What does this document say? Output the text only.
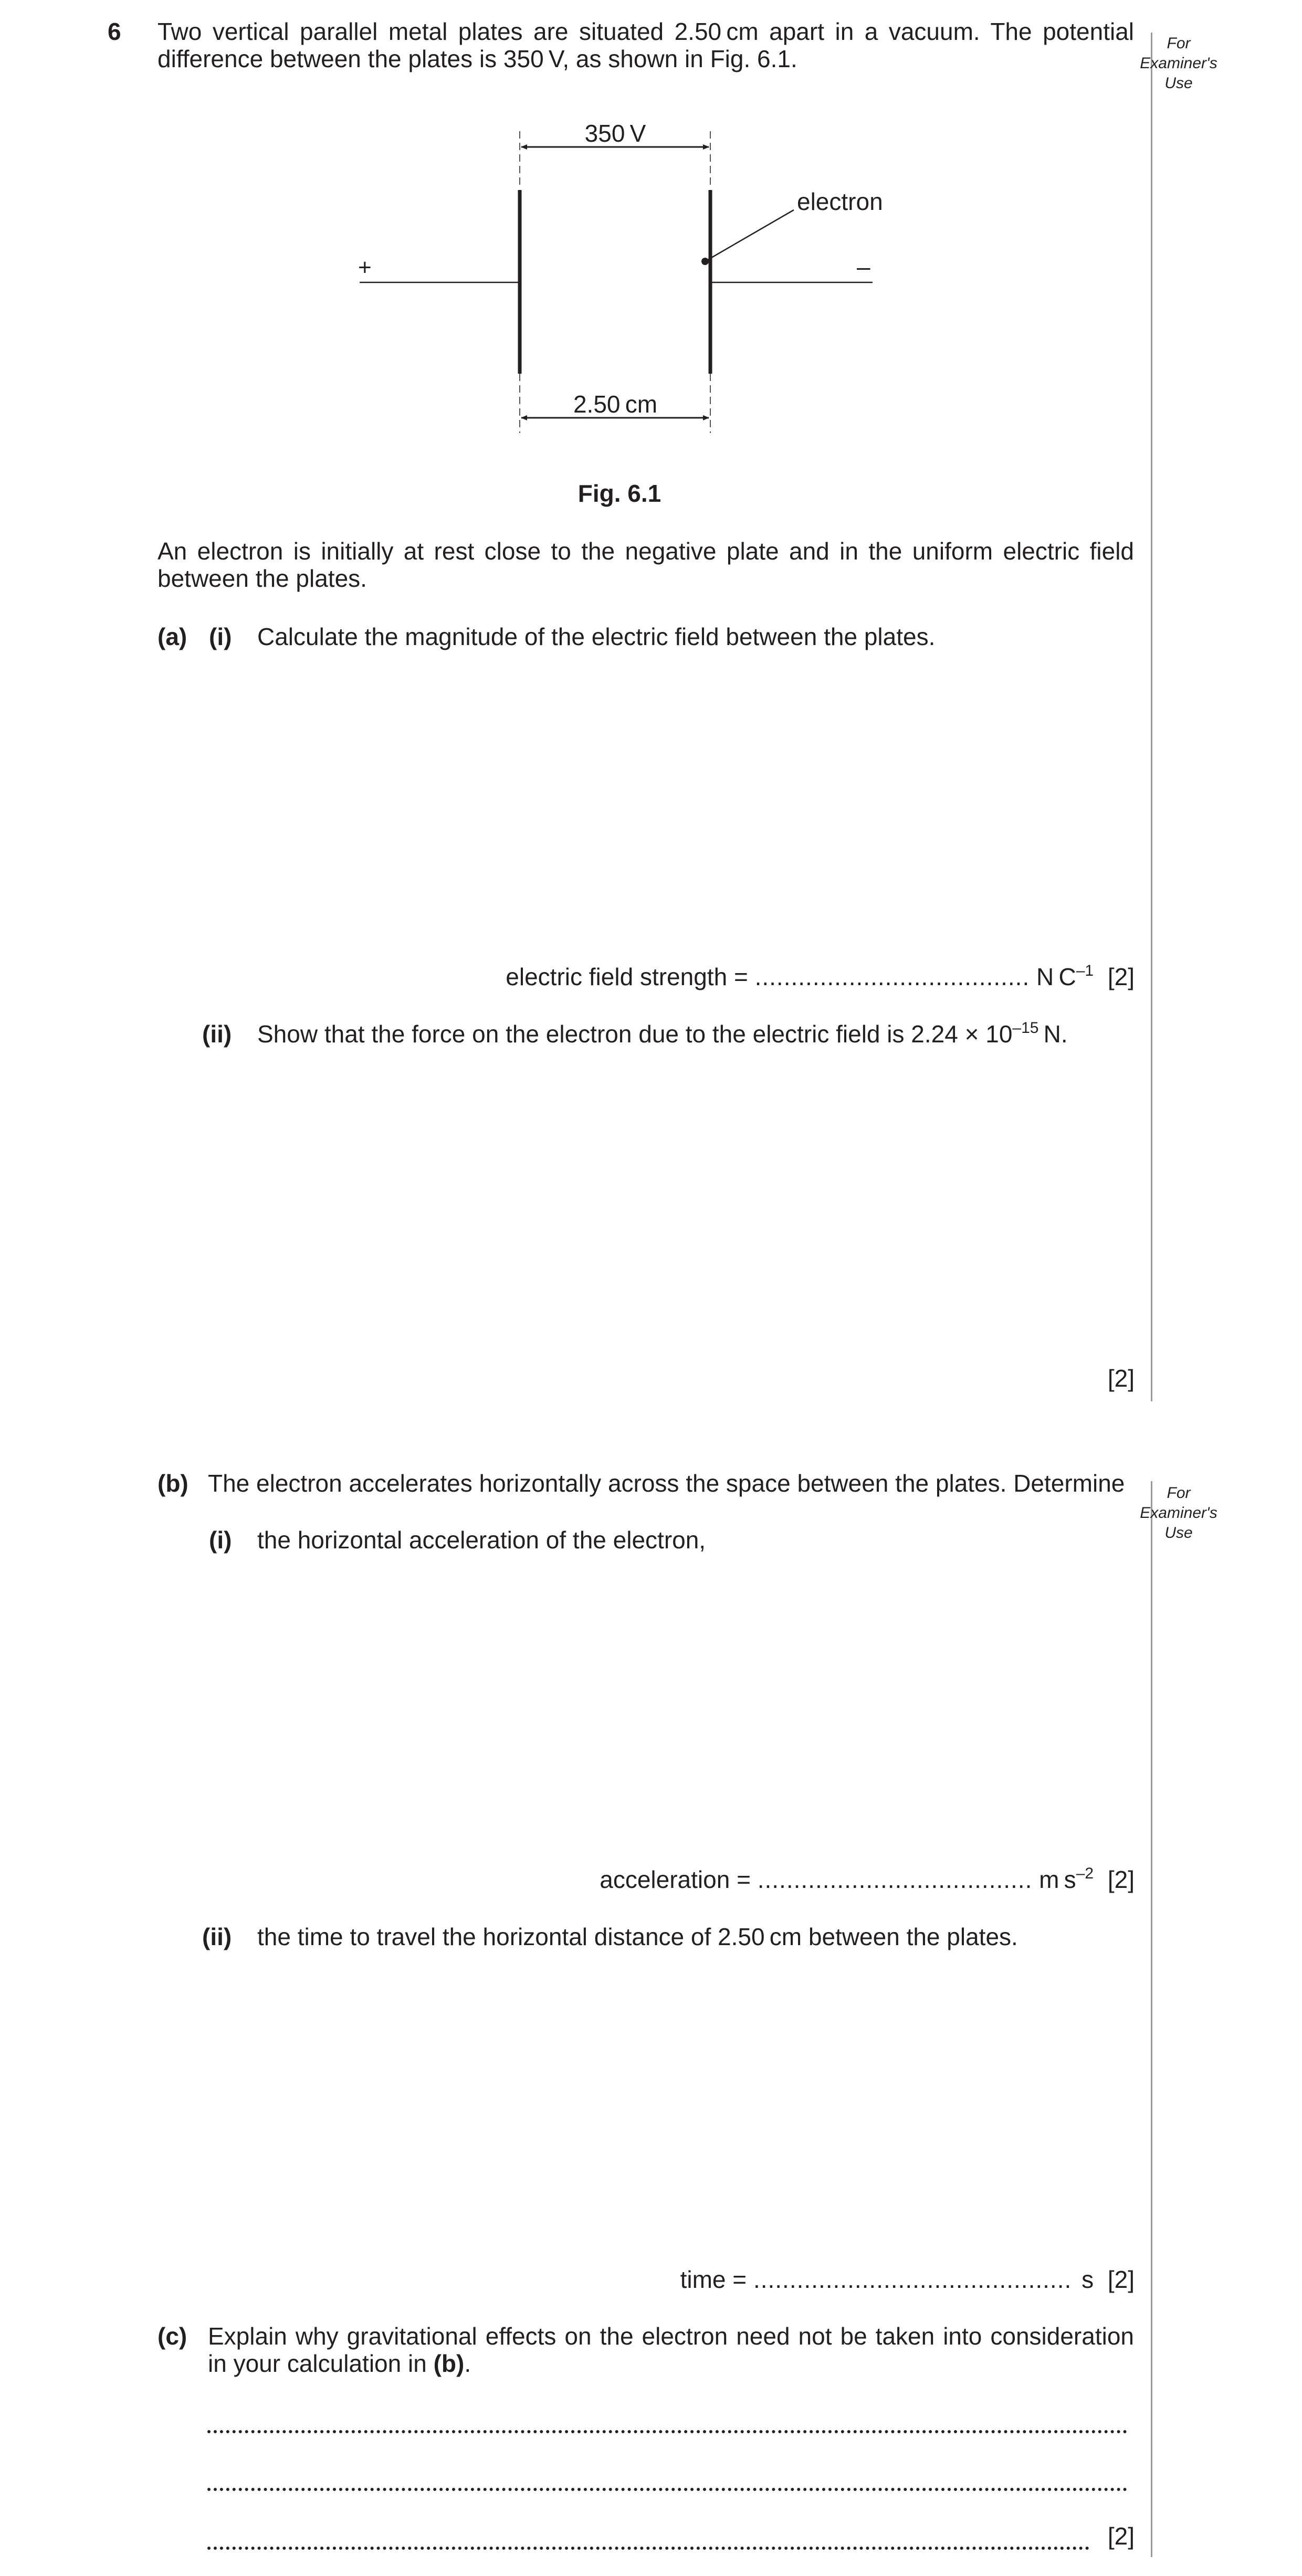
For
Examiner's
Use
For
Examiner's
Use
6 Two vertical parallel metal plates are situated 2.50 cm apart in a vacuum. The potential difference between the plates is 350 V, as shown in Fig. 6.1.
350 V
electron
+	–
2.50 cm
Fig. 6.1
An electron is initially at rest close to the negative plate and in the uniform electric field between the plates.
(a) (i) Calculate the magnitude of the electric field between the plates.
electric field strength = ...................................... N $C^{-1}$ [2]
(ii) Show that the force on the electron due to the electric field is $2.24 \times 10^{-15}$ N.
[2]
(b) The electron accelerates horizontally across the space between the plates. Determine
(i) the horizontal acceleration of the electron,
acceleration = ...................................... m $s^{-2}$ [2]
(ii) the time to travel the horizontal distance of 2.50 cm between the plates.
time = ............................................ s [2]
(c) Explain why gravitational effects on the electron need not be taken into consideration in your calculation in (b).
[2]
